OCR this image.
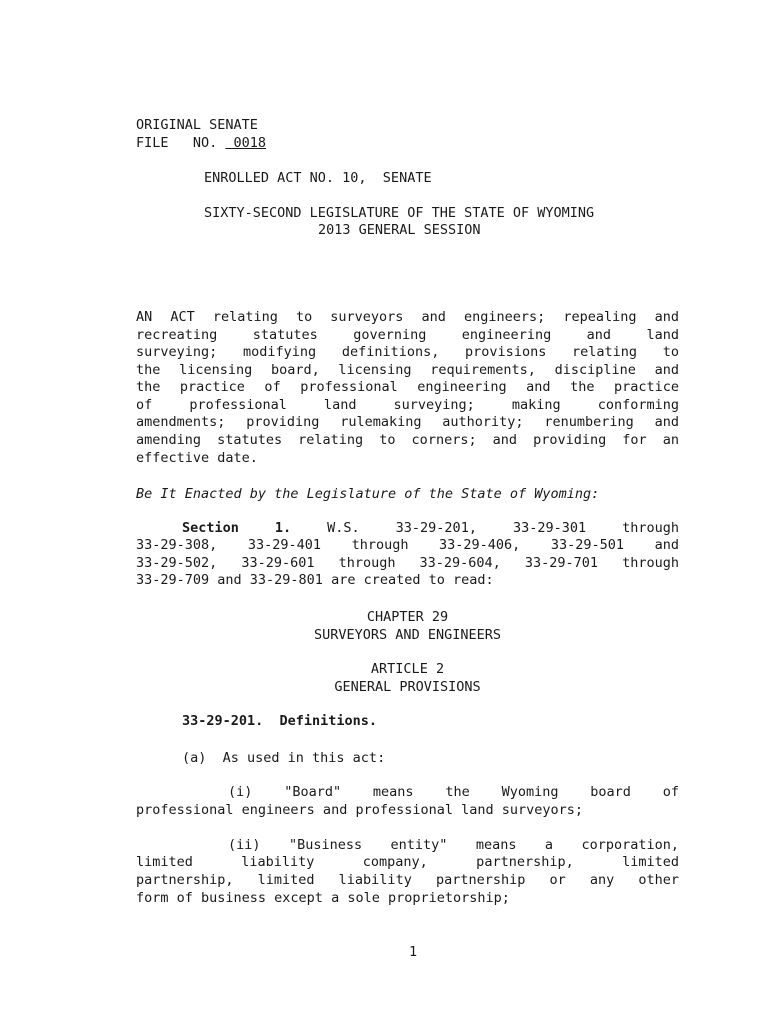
ORIGINAL SENATE
FILE   NO.  0018
ENROLLED ACT NO. 10,  SENATE
SIXTY-SECOND LEGISLATURE OF THE STATE OF WYOMING
2013 GENERAL SESSION
AN ACT relating to surveyors and engineers; repealing and
recreating statutes governing engineering and land
surveying; modifying definitions, provisions relating to
the licensing board, licensing requirements, discipline and
the practice of professional engineering and the practice
of professional land surveying; making conforming
amendments; providing rulemaking authority; renumbering and
amending statutes relating to corners; and providing for an
effective date.
Be It Enacted by the Legislature of the State of Wyoming:
Section 1.	W.S. 33-29-201, 33-29-301 through
33-29-308, 33-29-401 through 33-29-406, 33-29-501 and
33-29-502, 33-29-601 through 33-29-604, 33-29-701 through
33-29-709 and 33-29-801 are created to read:
CHAPTER 29
SURVEYORS AND ENGINEERS
ARTICLE 2
GENERAL PROVISIONS
33-29-201.  Definitions.
(a)  As used in this act:
(i) "Board" means the Wyoming board of
professional engineers and professional land surveyors;
(ii) "Business entity" means a corporation,
limited liability company, partnership, limited
partnership, limited liability partnership or any other
form of business except a sole proprietorship;
1
